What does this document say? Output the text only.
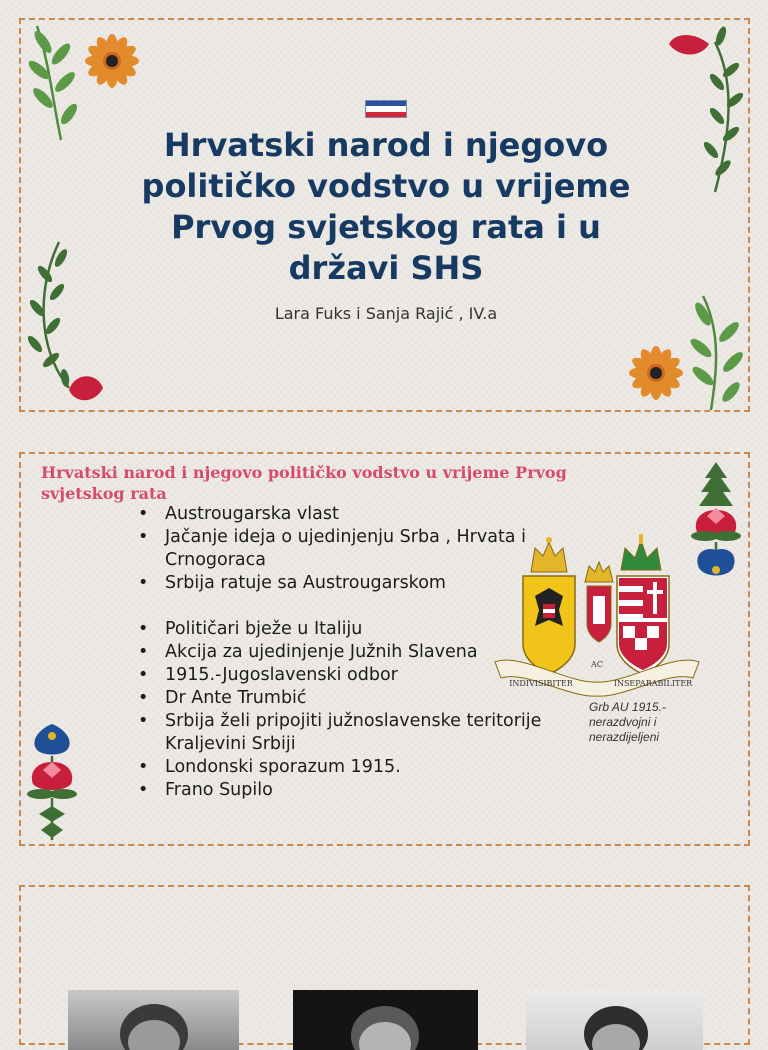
Hrvatski narod i njegovo političko vodstvo u vrijeme Prvog svjetskog rata i u državi SHS

Lara Fuks i Sanja Rajić , IV.a

Hrvatski narod i njegovo političko vodstvo u vrijeme Prvog svjetskog rata
• Austrougarska vlast
• Jačanje ideja o ujedinjenju Srba , Hrvata i Crnogoraca
• Srbija ratuje sa Austrougarskom
• Političari bježe u Italiju
• Akcija za ujedinjenje Južnih Slavena
• 1915.-Jugoslavenski odbor
• Dr Ante Trumbić
• Srbija želi pripojiti južnoslavenske teritorije Kraljevini Srbiji
• Londonski sporazum 1915.
• Frano Supilo
INDIVISIBITER
AC
INSEPARABILITER
Grb AU 1915.- nerazdvojni i nerazdijeljeni
